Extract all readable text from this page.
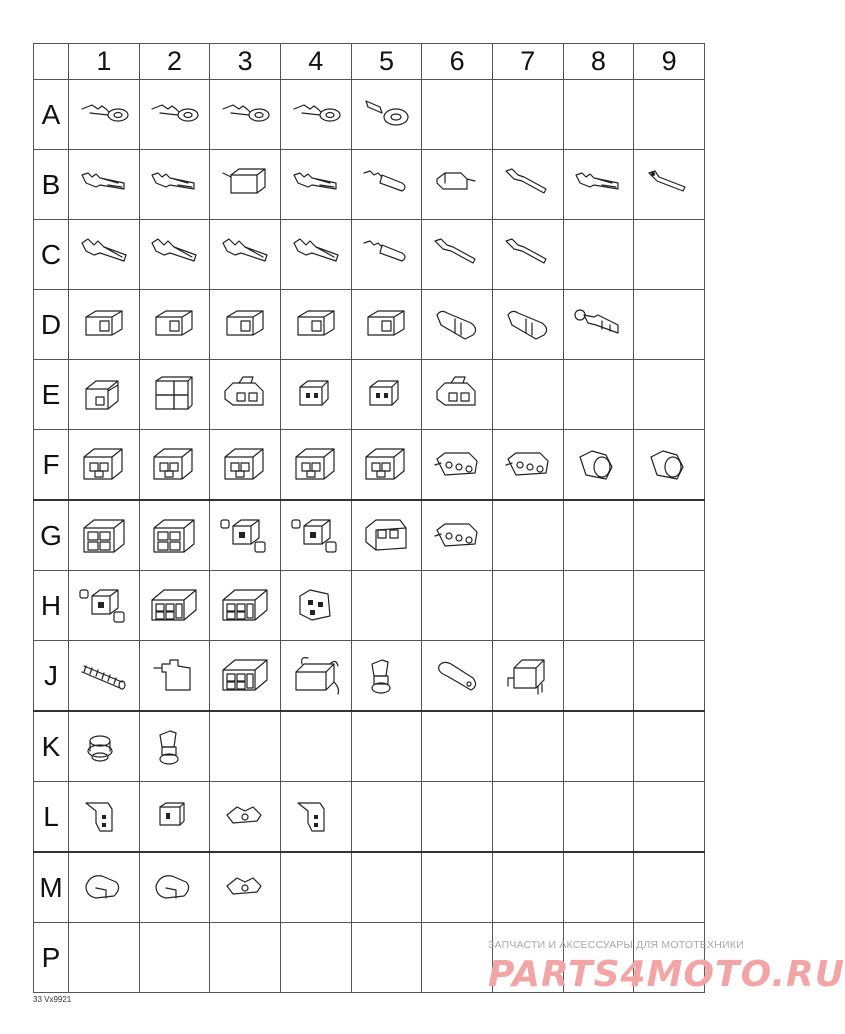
	1	2	3	4	5	6	7	8	9
A	

B	

C	

D	

E	

F	

G	

H	

J	

K	

L	

M	

P									
33 Vx9921
ЗАПЧАСТИ И АКСЕССУАРЫ ДЛЯ МОТОТЕХНИКИ
PARTS4MOTO.RU
